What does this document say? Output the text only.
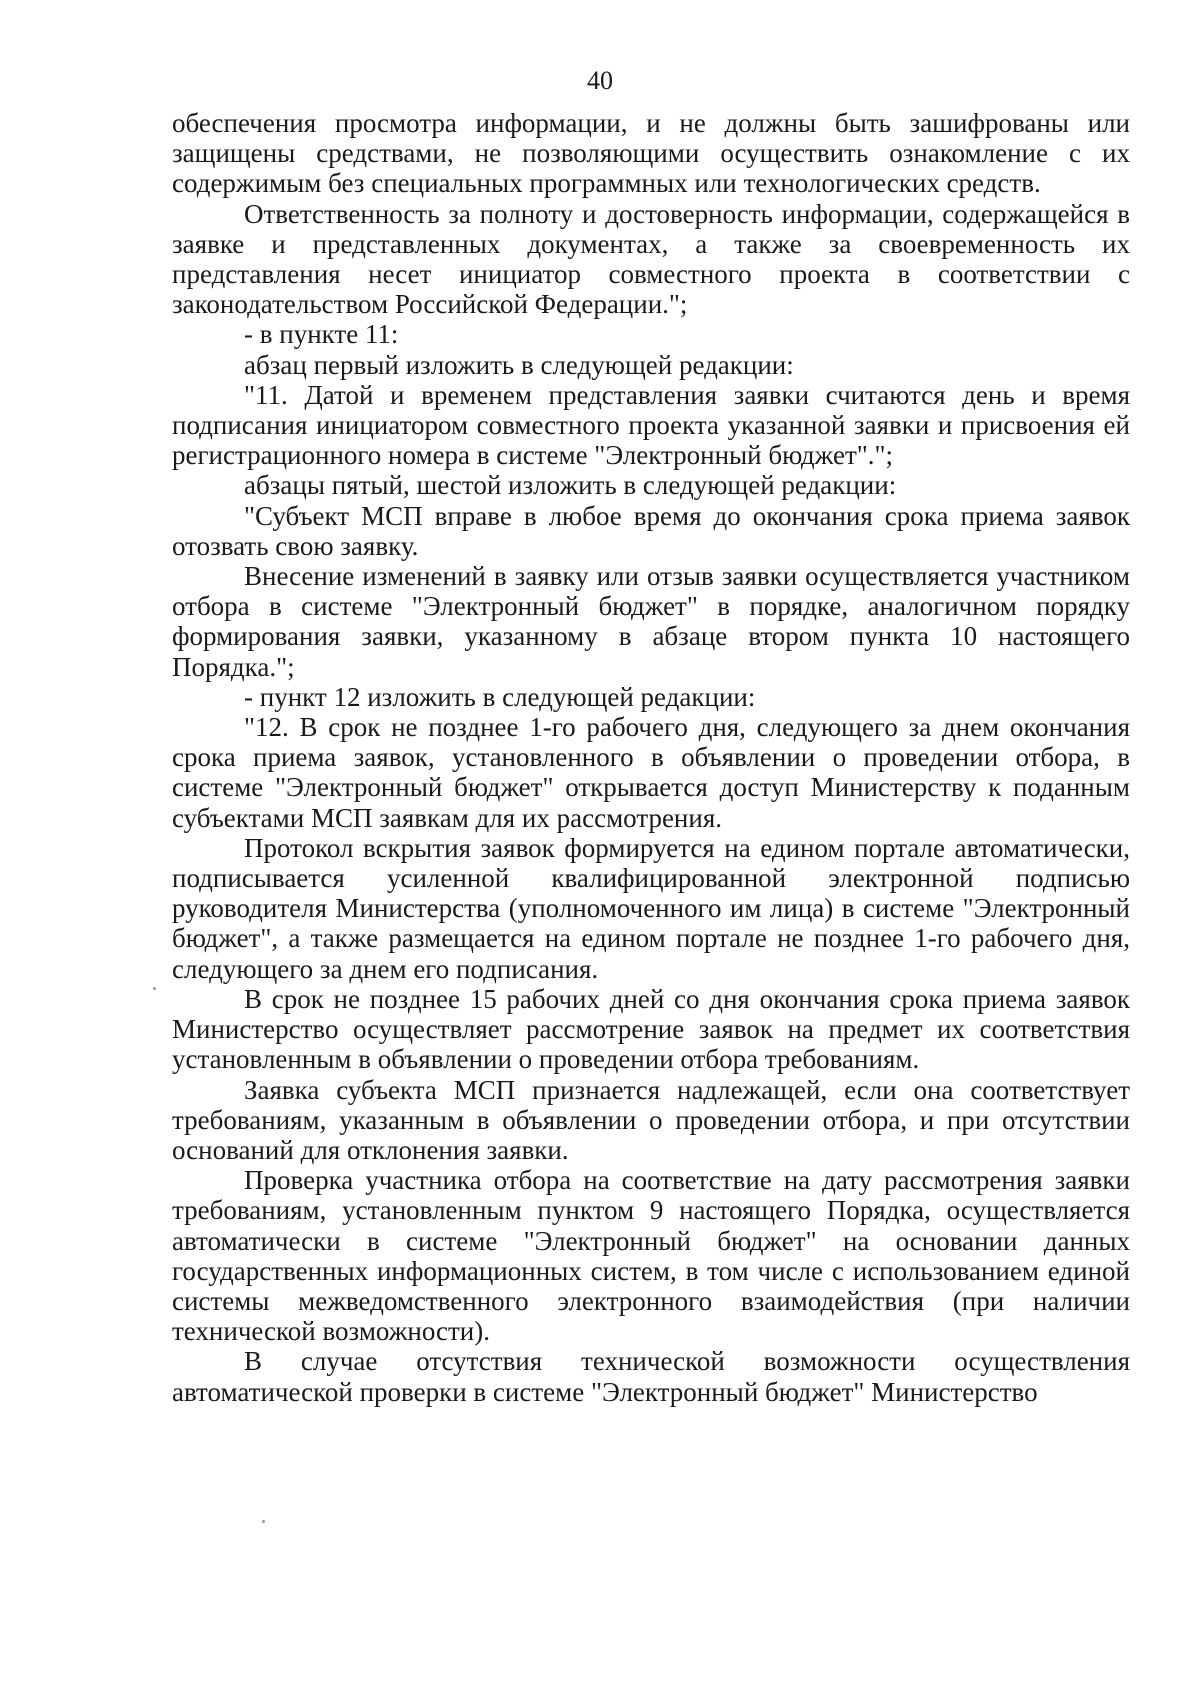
40

обеспечения просмотра информации, и не должны быть зашифрованы или защищены средствами, не позволяющими осуществить ознакомление с их содержимым без специальных программных или технологических средств.

Ответственность за полноту и достоверность информации, содержащейся в заявке и представленных документах, а также за своевременность их представления несет инициатор совместного проекта в соответствии с законодательством Российской Федерации.";

- в пункте 11:

абзац первый изложить в следующей редакции:

"11. Датой и временем представления заявки считаются день и время подписания инициатором совместного проекта указанной заявки и присвоения ей регистрационного номера в системе "Электронный бюджет".";

абзацы пятый, шестой изложить в следующей редакции:

"Субъект МСП вправе в любое время до окончания срока приема заявок отозвать свою заявку.

Внесение изменений в заявку или отзыв заявки осуществляется участником отбора в системе "Электронный бюджет" в порядке, аналогичном порядку формирования заявки, указанному в абзаце втором пункта 10 настоящего Порядка.";

- пункт 12 изложить в следующей редакции:

"12. В срок не позднее 1-го рабочего дня, следующего за днем окончания срока приема заявок, установленного в объявлении о проведении отбора, в системе "Электронный бюджет" открывается доступ Министерству к поданным субъектами МСП заявкам для их рассмотрения.

Протокол вскрытия заявок формируется на едином портале автоматически, подписывается усиленной квалифицированной электронной подписью руководителя Министерства (уполномоченного им лица) в системе "Электронный бюджет", а также размещается на едином портале не позднее 1-го рабочего дня, следующего за днем его подписания.

В срок не позднее 15 рабочих дней со дня окончания срока приема заявок Министерство осуществляет рассмотрение заявок на предмет их соответствия установленным в объявлении о проведении отбора требованиям.

Заявка субъекта МСП признается надлежащей, если она соответствует требованиям, указанным в объявлении о проведении отбора, и при отсутствии оснований для отклонения заявки.

Проверка участника отбора на соответствие на дату рассмотрения заявки требованиям, установленным пунктом 9 настоящего Порядка, осуществляется автоматически в системе "Электронный бюджет" на основании данных государственных информационных систем, в том числе с использованием единой системы межведомственного электронного взаимодействия (при наличии технической возможности).

В случае отсутствия технической возможности осуществления автоматической проверки в системе "Электронный бюджет" Министерство
